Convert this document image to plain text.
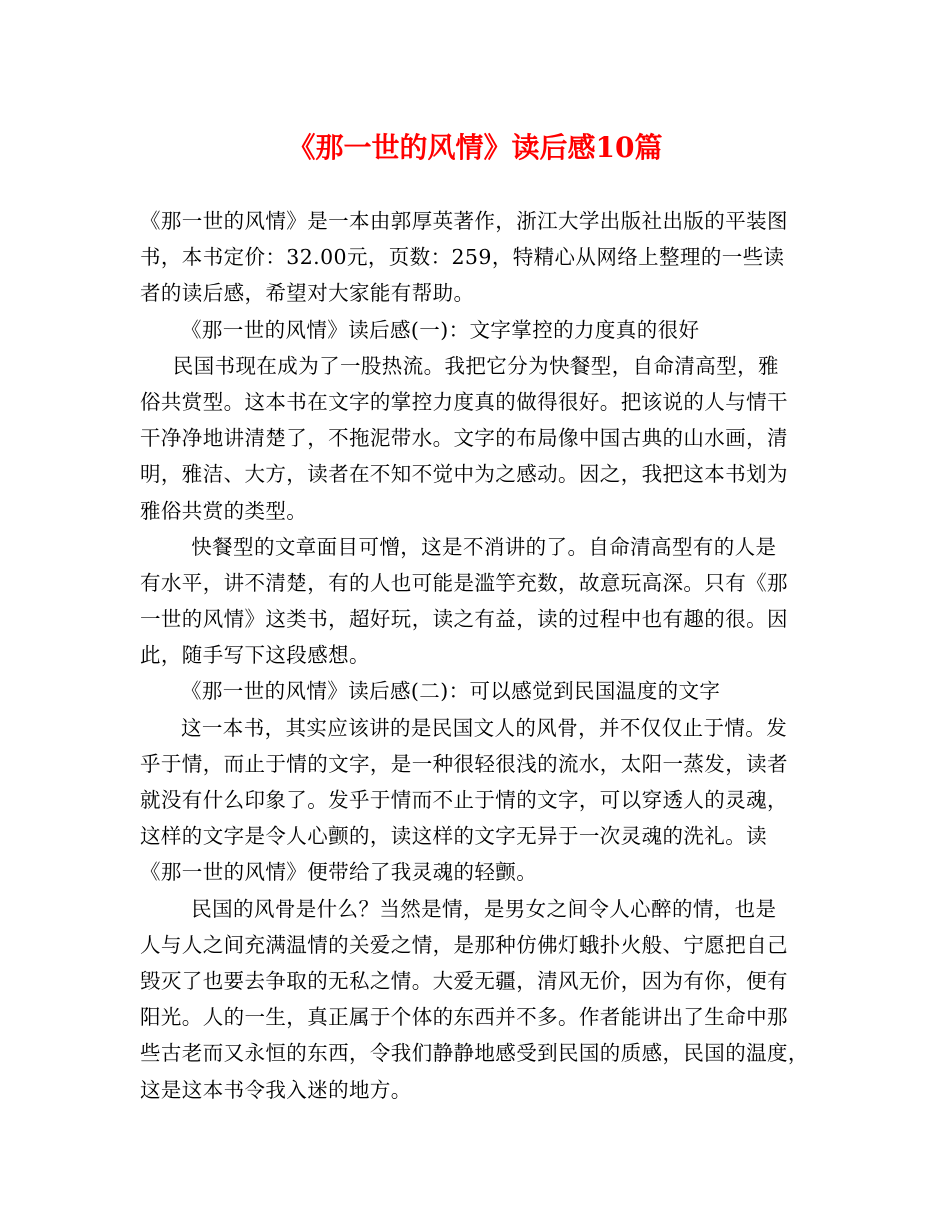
《那一世的风情》读后感10篇
《那一世的风情》是一本由郭厚英著作，浙江大学出版社出版的平装图
书，本书定价：32.00元，页数：259，特精心从网络上整理的一些读
者的读后感，希望对大家能有帮助。
《那一世的风情》读后感(一)：文字掌控的力度真的很好
民国书现在成为了一股热流。我把它分为快餐型，自命清高型，雅
俗共赏型。这本书在文字的掌控力度真的做得很好。把该说的人与情干
干净净地讲清楚了，不拖泥带水。文字的布局像中国古典的山水画，清
明，雅洁、大方，读者在不知不觉中为之感动。因之，我把这本书划为
雅俗共赏的类型。
快餐型的文章面目可憎，这是不消讲的了。自命清高型有的人是
有水平，讲不清楚，有的人也可能是滥竽充数，故意玩高深。只有《那
一世的风情》这类书，超好玩，读之有益，读的过程中也有趣的很。因
此，随手写下这段感想。
《那一世的风情》读后感(二)：可以感觉到民国温度的文字
这一本书，其实应该讲的是民国文人的风骨，并不仅仅止于情。发
乎于情，而止于情的文字，是一种很轻很浅的流水，太阳一蒸发，读者
就没有什么印象了。发乎于情而不止于情的文字，可以穿透人的灵魂，
这样的文字是令人心颤的，读这样的文字无异于一次灵魂的洗礼。读
《那一世的风情》便带给了我灵魂的轻颤。
民国的风骨是什么？当然是情，是男女之间令人心醉的情，也是
人与人之间充满温情的关爱之情，是那种仿佛灯蛾扑火般、宁愿把自己
毁灭了也要去争取的无私之情。大爱无疆，清风无价，因为有你，便有
阳光。人的一生，真正属于个体的东西并不多。作者能讲出了生命中那
些古老而又永恒的东西，令我们静静地感受到民国的质感，民国的温度，
这是这本书令我入迷的地方。
